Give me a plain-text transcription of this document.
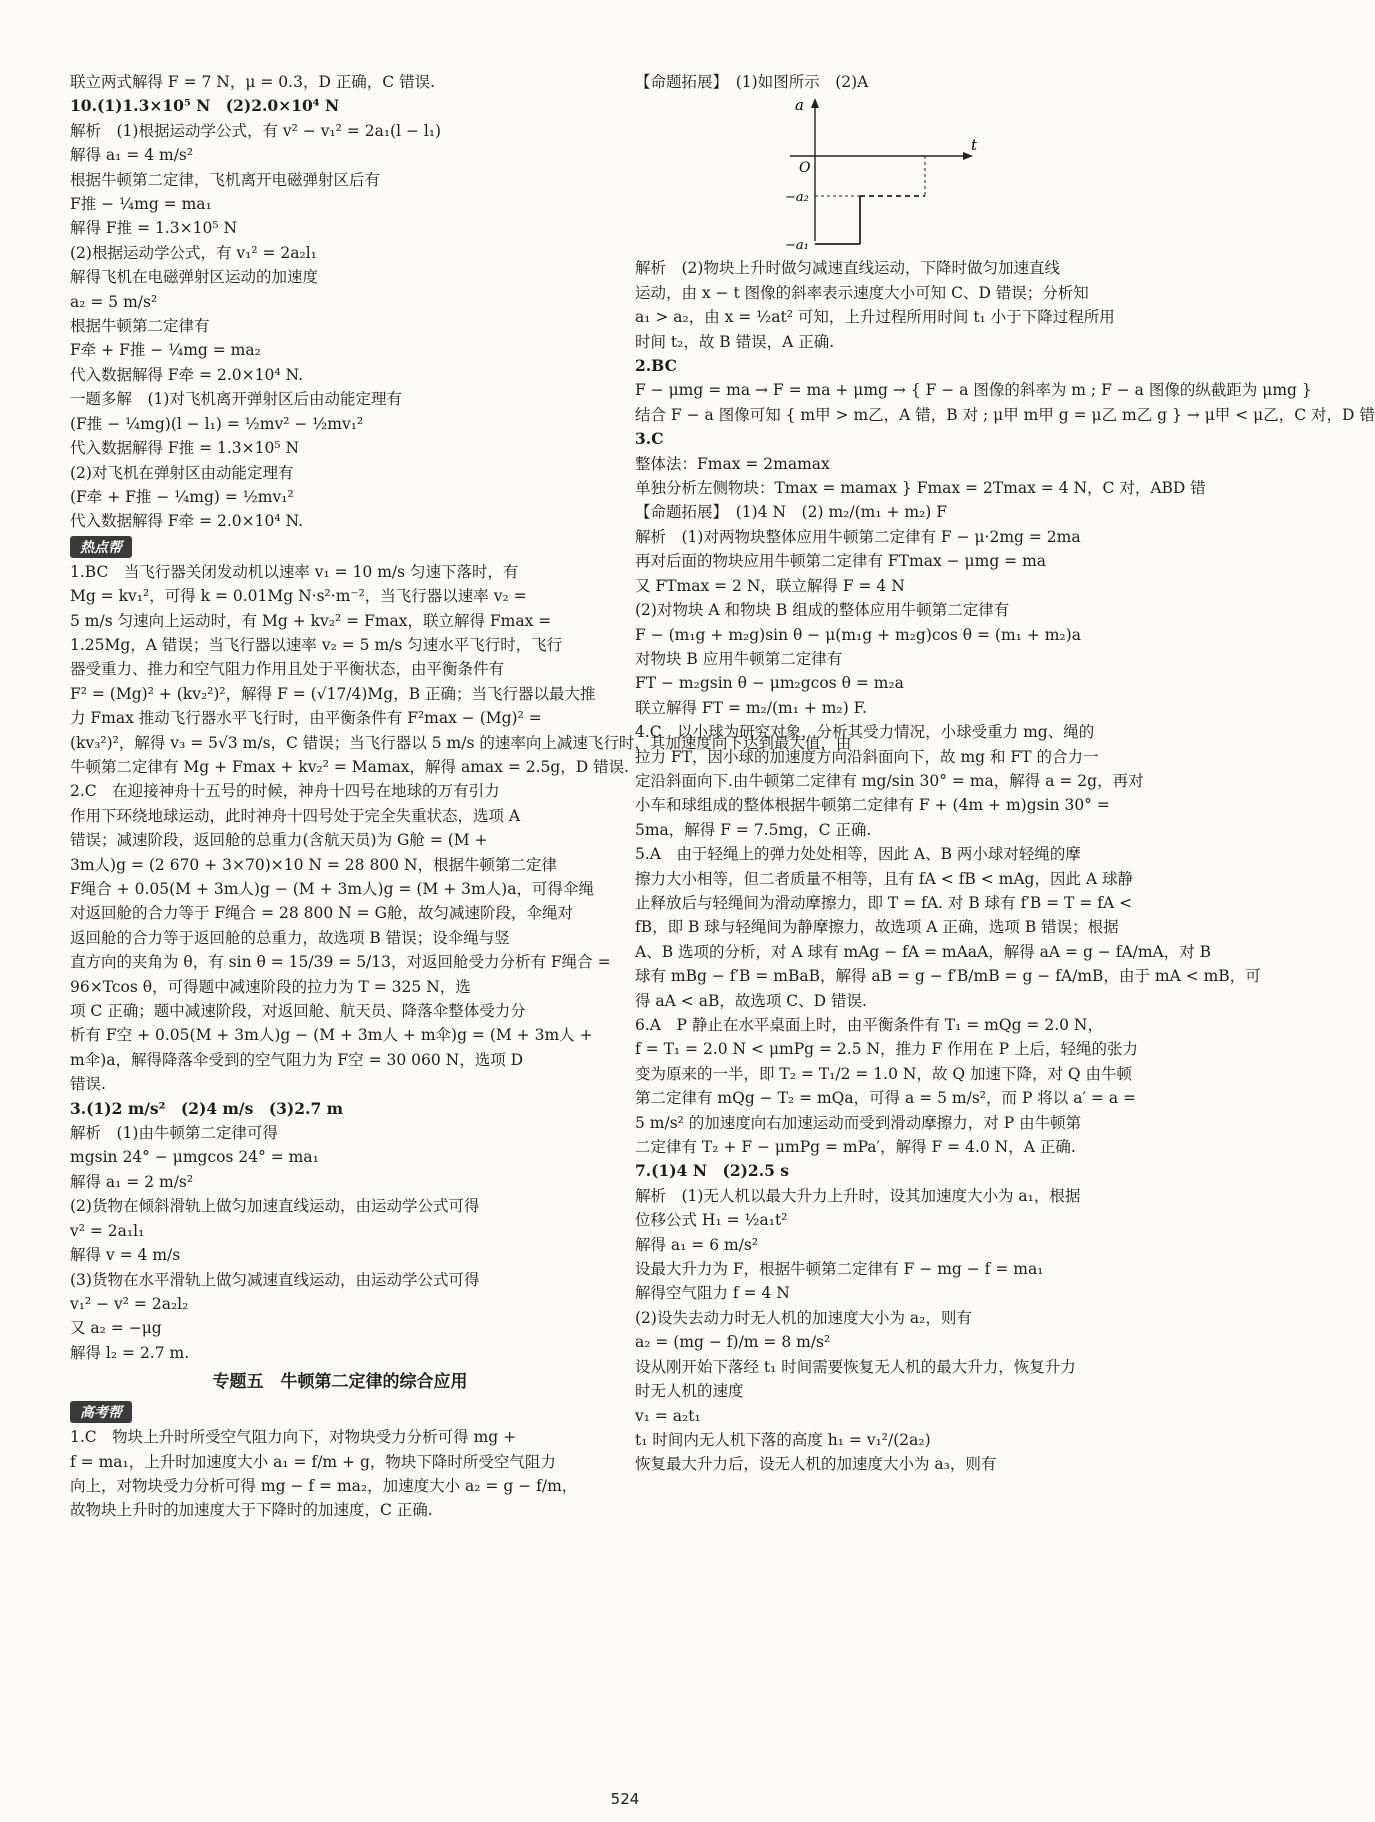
联立两式解得 F = 7 N，μ = 0.3，D 正确，C 错误.
10.(1)1.3×10⁵ N　(2)2.0×10⁴ N
解析　(1)根据运动学公式，有 v² − v₁² = 2a₁(l − l₁)
解得 a₁ = 4 m/s²
根据牛顿第二定律，飞机离开电磁弹射区后有
F推 − ¼mg = ma₁
解得 F推 = 1.3×10⁵ N
(2)根据运动学公式，有 v₁² = 2a₂l₁
解得飞机在电磁弹射区运动的加速度
a₂ = 5 m/s²
根据牛顿第二定律有
F牵 + F推 − ¼mg = ma₂
代入数据解得 F牵 = 2.0×10⁴ N.
一题多解　(1)对飞机离开弹射区后由动能定理有
(F推 − ¼mg)(l − l₁) = ½mv² − ½mv₁²
代入数据解得 F推 = 1.3×10⁵ N
(2)对飞机在弹射区由动能定理有
(F牵 + F推 − ¼mg) = ½mv₁²
代入数据解得 F牵 = 2.0×10⁴ N.
热点帮
1.BC　当飞行器关闭发动机以速率 v₁ = 10 m/s 匀速下落时，有
Mg = kv₁²，可得 k = 0.01Mg N·s²·m⁻²，当飞行器以速率 v₂ =
5 m/s 匀速向上运动时，有 Mg + kv₂² = Fmax，联立解得 Fmax =
1.25Mg，A 错误；当飞行器以速率 v₂ = 5 m/s 匀速水平飞行时，飞行
器受重力、推力和空气阻力作用且处于平衡状态，由平衡条件有
F² = (Mg)² + (kv₂²)²，解得 F = (√17/4)Mg，B 正确；当飞行器以最大推
力 Fmax 推动飞行器水平飞行时，由平衡条件有 F²max − (Mg)² =
(kv₃²)²，解得 v₃ = 5√3 m/s，C 错误；当飞行器以 5 m/s 的速率向上减速飞行时，其加速度向下达到最大值，由
牛顿第二定律有 Mg + Fmax + kv₂² = Mamax，解得 amax = 2.5g，D 错误.
2.C　在迎接神舟十五号的时候，神舟十四号在地球的万有引力
作用下环绕地球运动，此时神舟十四号处于完全失重状态，选项 A
错误；减速阶段，返回舱的总重力(含航天员)为 G舱 = (M +
3m人)g = (2 670 + 3×70)×10 N = 28 800 N，根据牛顿第二定律
F绳合 + 0.05(M + 3m人)g − (M + 3m人)g = (M + 3m人)a，可得伞绳
对返回舱的合力等于 F绳合 = 28 800 N = G舱，故匀减速阶段，伞绳对
返回舱的合力等于返回舱的总重力，故选项 B 错误；设伞绳与竖
直方向的夹角为 θ，有 sin θ = 15/39 = 5/13，对返回舱受力分析有 F绳合 =
96×Tcos θ，可得题中减速阶段的拉力为 T = 325 N，选
项 C 正确；题中减速阶段，对返回舱、航天员、降落伞整体受力分
析有 F空 + 0.05(M + 3m人)g − (M + 3m人 + m伞)g = (M + 3m人 +
m伞)a，解得降落伞受到的空气阻力为 F空 = 30 060 N，选项 D
错误.
3.(1)2 m/s²　(2)4 m/s　(3)2.7 m
解析　(1)由牛顿第二定律可得
mgsin 24° − μmgcos 24° = ma₁
解得 a₁ = 2 m/s²
(2)货物在倾斜滑轨上做匀加速直线运动，由运动学公式可得
v² = 2a₁l₁
解得 v = 4 m/s
(3)货物在水平滑轨上做匀减速直线运动，由运动学公式可得
v₁² − v² = 2a₂l₂
又 a₂ = −μg
解得 l₂ = 2.7 m.
专题五　牛顿第二定律的综合应用
高考帮
1.C　物块上升时所受空气阻力向下，对物块受力分析可得 mg +
f = ma₁，上升时加速度大小 a₁ = f/m + g，物块下降时所受空气阻力
向上，对物块受力分析可得 mg − f = ma₂，加速度大小 a₂ = g − f/m，
故物块上升时的加速度大于下降时的加速度，C 正确.
【命题拓展】　(1)如图所示　(2)A
a
t
O
−a₂
−a₁
解析　(2)物块上升时做匀减速直线运动，下降时做匀加速直线
运动，由 x − t 图像的斜率表示速度大小可知 C、D 错误；分析知
a₁ > a₂，由 x = ½at² 可知，上升过程所用时间 t₁ 小于下降过程所用
时间 t₂，故 B 错误，A 正确.
2.BC
F − μmg = ma → F = ma + μmg → { F − a 图像的斜率为 m ; F − a 图像的纵截距为 μmg }
结合 F − a 图像可知 { m甲 > m乙，A 错，B 对 ; μ甲 m甲 g = μ乙 m乙 g } → μ甲 < μ乙，C 对，D 错
3.C
整体法：Fmax = 2mamax
单独分析左侧物块：Tmax = mamax } Fmax = 2Tmax = 4 N，C 对，ABD 错
【命题拓展】　(1)4 N　(2) m₂/(m₁ + m₂) F
解析　(1)对两物块整体应用牛顿第二定律有 F − μ·2mg = 2ma
再对后面的物块应用牛顿第二定律有 FTmax − μmg = ma
又 FTmax = 2 N，联立解得 F = 4 N
(2)对物块 A 和物块 B 组成的整体应用牛顿第二定律有
F − (m₁g + m₂g)sin θ − μ(m₁g + m₂g)cos θ = (m₁ + m₂)a
对物块 B 应用牛顿第二定律有
FT − m₂gsin θ − μm₂gcos θ = m₂a
联立解得 FT = m₂/(m₁ + m₂) F.
4.C　以小球为研究对象，分析其受力情况，小球受重力 mg、绳的
拉力 FT，因小球的加速度方向沿斜面向下，故 mg 和 FT 的合力一
定沿斜面向下.由牛顿第二定律有 mg/sin 30° = ma，解得 a = 2g，再对
小车和球组成的整体根据牛顿第二定律有 F + (4m + m)gsin 30° =
5ma，解得 F = 7.5mg，C 正确.
5.A　由于轻绳上的弹力处处相等，因此 A、B 两小球对轻绳的摩
擦力大小相等，但二者质量不相等，且有 fA < fB < mAg，因此 A 球静
止释放后与轻绳间为滑动摩擦力，即 T = fA. 对 B 球有 f′B = T = fA <
fB，即 B 球与轻绳间为静摩擦力，故选项 A 正确，选项 B 错误；根据
A、B 选项的分析，对 A 球有 mAg − fA = mAaA，解得 aA = g − fA/mA，对 B
球有 mBg − f′B = mBaB，解得 aB = g − f′B/mB = g − fA/mB，由于 mA < mB，可
得 aA < aB，故选项 C、D 错误.
6.A　P 静止在水平桌面上时，由平衡条件有 T₁ = mQg = 2.0 N，
f = T₁ = 2.0 N < μmPg = 2.5 N，推力 F 作用在 P 上后，轻绳的张力
变为原来的一半，即 T₂ = T₁/2 = 1.0 N，故 Q 加速下降，对 Q 由牛顿
第二定律有 mQg − T₂ = mQa，可得 a = 5 m/s²，而 P 将以 a′ = a =
5 m/s² 的加速度向右加速运动而受到滑动摩擦力，对 P 由牛顿第
二定律有 T₂ + F − μmPg = mPa′，解得 F = 4.0 N，A 正确.
7.(1)4 N　(2)2.5 s
解析　(1)无人机以最大升力上升时，设其加速度大小为 a₁，根据
位移公式 H₁ = ½a₁t²
解得 a₁ = 6 m/s²
设最大升力为 F，根据牛顿第二定律有 F − mg − f = ma₁
解得空气阻力 f = 4 N
(2)设失去动力时无人机的加速度大小为 a₂，则有
a₂ = (mg − f)/m = 8 m/s²
设从刚开始下落经 t₁ 时间需要恢复无人机的最大升力，恢复升力
时无人机的速度
v₁ = a₂t₁
t₁ 时间内无人机下落的高度 h₁ = v₁²/(2a₂)
恢复最大升力后，设无人机的加速度大小为 a₃，则有
524
